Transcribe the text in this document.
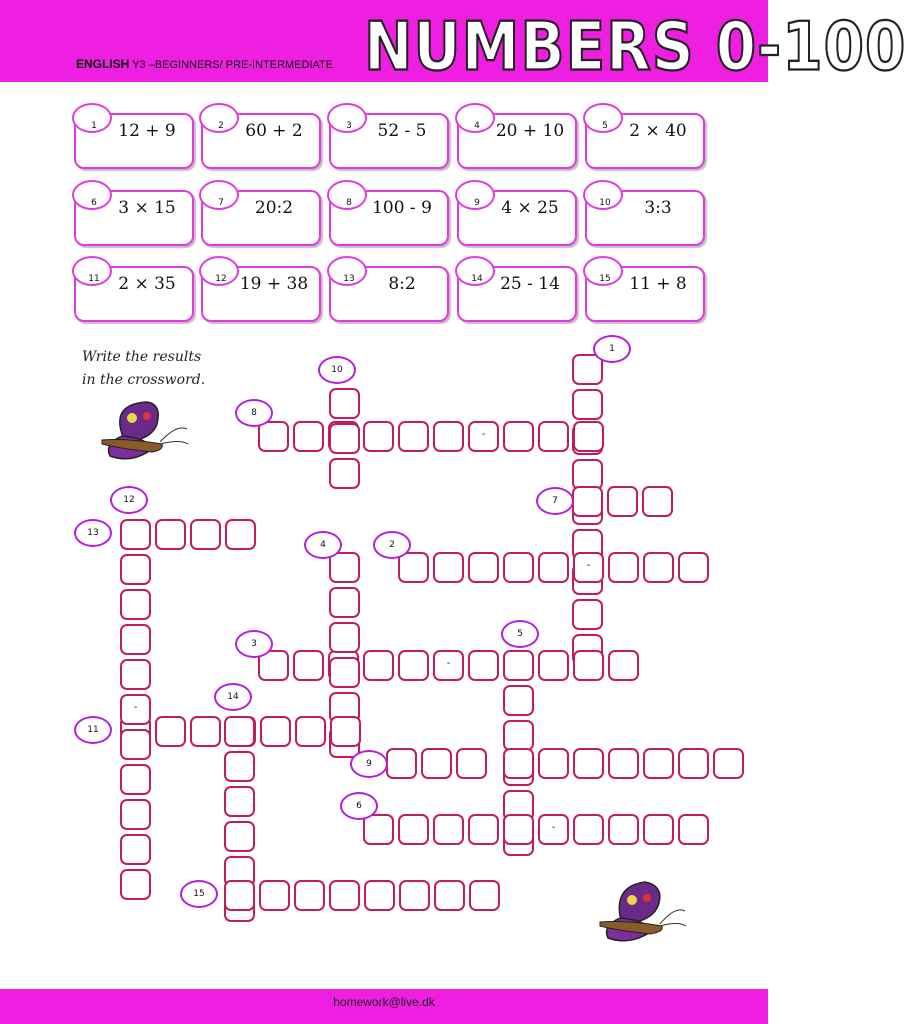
ENGLISH Y3 –BEGINNERS/ PRE-INTERMEDIATE NUMBERS 0-100
1	12 + 9	2	60 + 2	3	52 - 5	4 20 + 10	5	2 × 40
6	3 × 15	7	20:2	8	100 - 9	9	4 × 25	10	3:3
11	2 × 35	12 19 + 38	13	8:2	14	25 - 14	15	11 + 8
Write the results
in the crossword.
-
-
-
-
-
1
2
3
4
5
6
7
8
9
10
11
12
13
14
15
homework@live.dk
